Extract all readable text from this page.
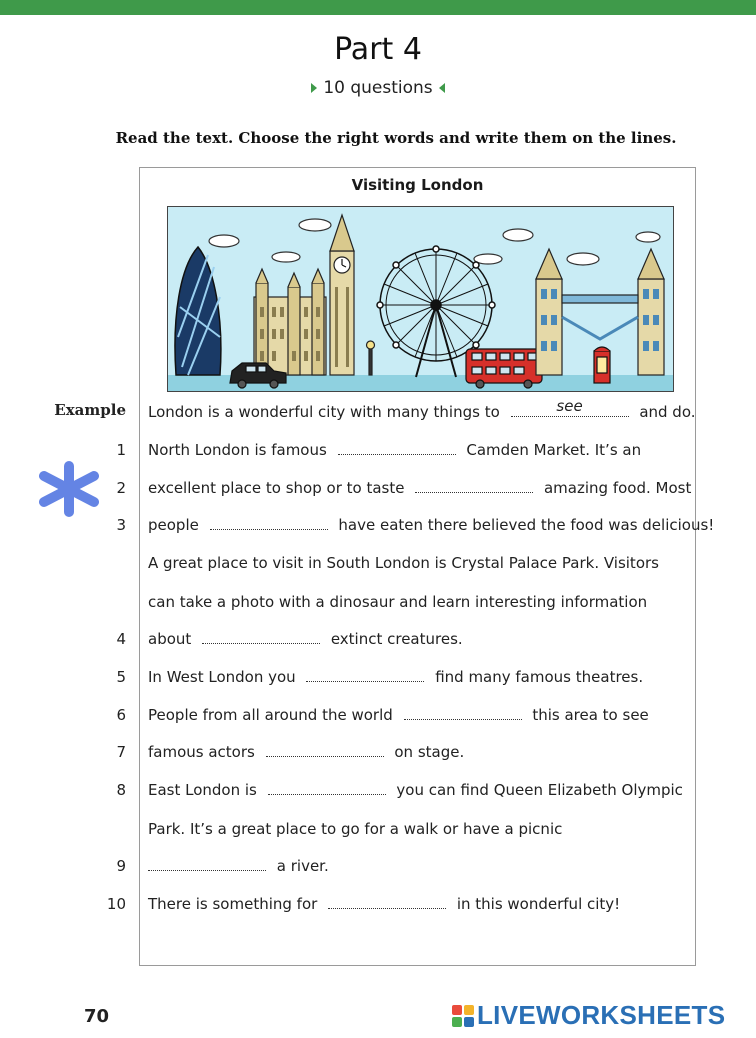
Part 4
10 questions
Read the text. Choose the right words and write them on the lines.
Visiting London
Example London is a wonderful city with many things to	see	and do.
1 North London is famous	Camden Market. It’s an
2 excellent place to shop or to taste	amazing food. Most
3 people	have eaten there believed the food was delicious!
A great place to visit in South London is Crystal Palace Park. Visitors
can take a photo with a dinosaur and learn interesting information
4 about	extinct creatures.
5 In West London you	find many famous theatres.
6 People from all around the world	this area to see
7 famous actors	on stage.
8 East London is	you can find Queen Elizabeth Olympic
Park. It’s a great place to go for a walk or have a picnic
9	a river.
10 There is something for	in this wonderful city!
70	LIVEWORKSHEETS
